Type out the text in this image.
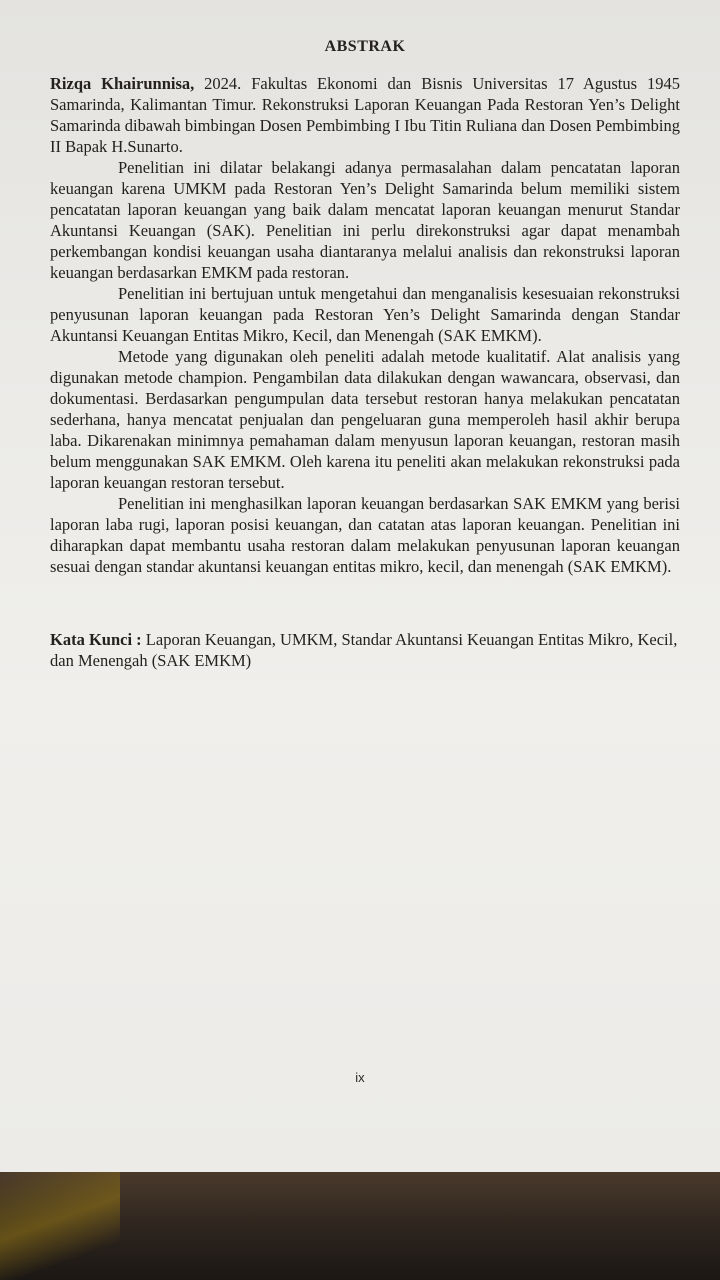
ABSTRAK

Rizqa Khairunnisa, 2024. Fakultas Ekonomi dan Bisnis Universitas 17 Agustus 1945 Samarinda, Kalimantan Timur. Rekonstruksi Laporan Keuangan Pada Restoran Yen’s Delight Samarinda dibawah bimbingan Dosen Pembimbing I Ibu Titin Ruliana dan Dosen Pembimbing II Bapak H.Sunarto.

Penelitian ini dilatar belakangi adanya permasalahan dalam pencatatan laporan keuangan karena UMKM pada Restoran Yen’s Delight Samarinda belum memiliki sistem pencatatan laporan keuangan yang baik dalam mencatat laporan keuangan menurut Standar Akuntansi Keuangan (SAK). Penelitian ini perlu direkonstruksi agar dapat menambah perkembangan kondisi keuangan usaha diantaranya melalui analisis dan rekonstruksi laporan keuangan berdasarkan EMKM pada restoran.

Penelitian ini bertujuan untuk mengetahui dan menganalisis kesesuaian rekonstruksi penyusunan laporan keuangan pada Restoran Yen’s Delight Samarinda dengan Standar Akuntansi Keuangan Entitas Mikro, Kecil, dan Menengah (SAK EMKM).

Metode yang digunakan oleh peneliti adalah metode kualitatif. Alat analisis yang digunakan metode champion. Pengambilan data dilakukan dengan wawancara, observasi, dan dokumentasi. Berdasarkan pengumpulan data tersebut restoran hanya melakukan pencatatan sederhana, hanya mencatat penjualan dan pengeluaran guna memperoleh hasil akhir berupa laba. Dikarenakan minimnya pemahaman dalam menyusun laporan keuangan, restoran masih belum menggunakan SAK EMKM. Oleh karena itu peneliti akan melakukan rekonstruksi pada laporan keuangan restoran tersebut.

Penelitian ini menghasilkan laporan keuangan berdasarkan SAK EMKM yang berisi laporan laba rugi, laporan posisi keuangan, dan catatan atas laporan keuangan. Penelitian ini diharapkan dapat membantu usaha restoran dalam melakukan penyusunan laporan keuangan sesuai dengan standar akuntansi keuangan entitas mikro, kecil, dan menengah (SAK EMKM).

Kata Kunci : Laporan Keuangan, UMKM, Standar Akuntansi Keuangan Entitas Mikro, Kecil, dan Menengah (SAK EMKM)

ix
